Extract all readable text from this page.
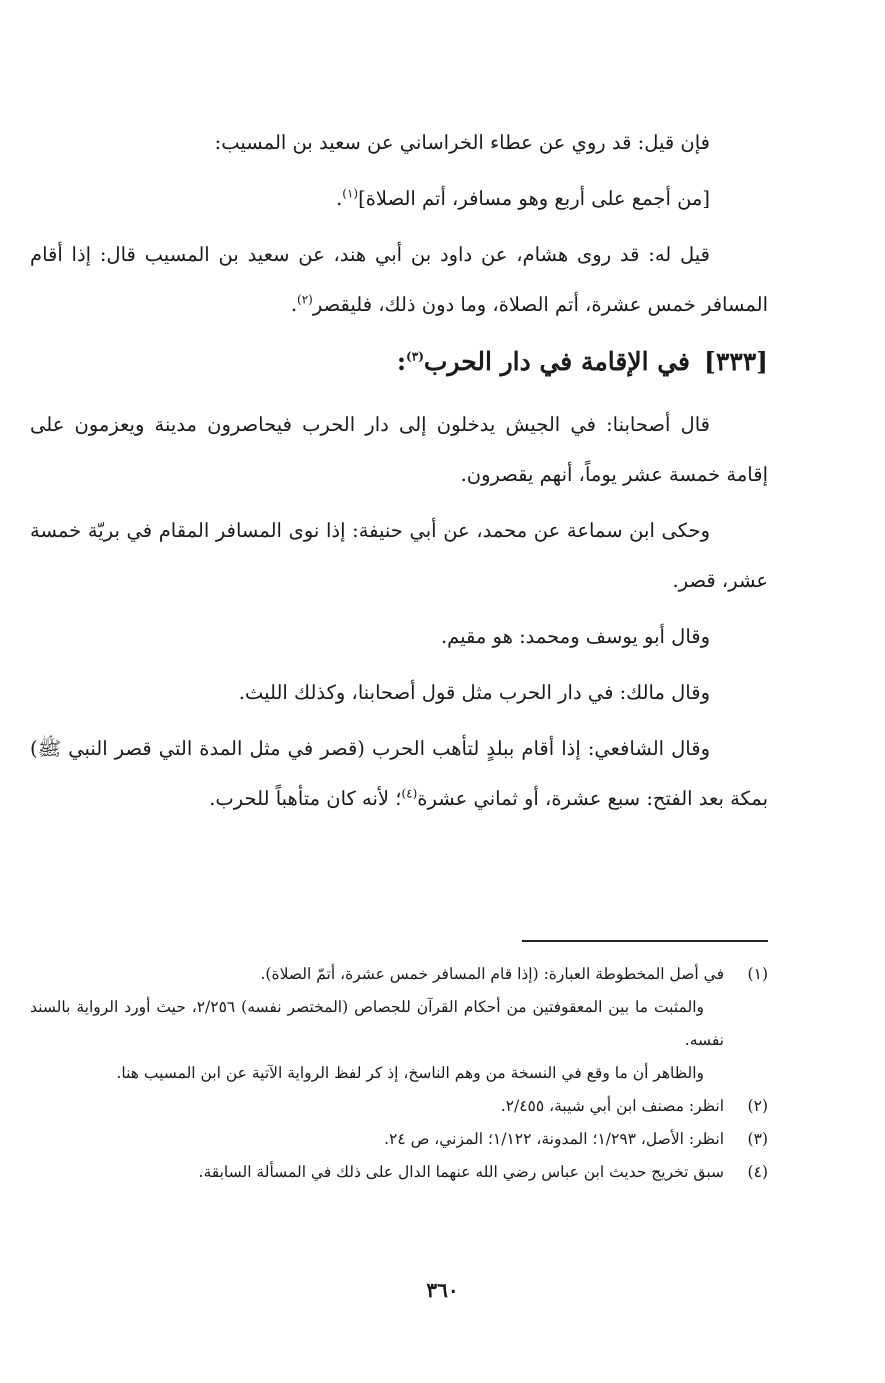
فإن قيل: قد روي عن عطاء الخراساني عن سعيد بن المسيب:

[من أجمع على أربع وهو مسافر، أتم الصلاة]$^{(١)}$.

قيل له: قد روى هشام، عن داود بن أبي هند، عن سعيد بن المسيب قال: إذا أقام المسافر خمس عشرة، أتم الصلاة، وما دون ذلك، فليقصر$^{(٢)}$.

[٣٣٣]في الإقامة في دار الحرب$^{(٣)}$:

قال أصحابنا: في الجيش يدخلون إلى دار الحرب فيحاصرون مدينة ويعزمون على إقامة خمسة عشر يوماً، أنهم يقصرون.

وحكى ابن سماعة عن محمد، عن أبي حنيفة: إذا نوى المسافر المقام في بريّة خمسة عشر، قصر.

وقال أبو يوسف ومحمد: هو مقيم.

وقال مالك: في دار الحرب مثل قول أصحابنا، وكذلك الليث.

وقال الشافعي: إذا أقام ببلدٍ لتأهب الحرب (قصر في مثل المدة التي قصر النبي ﷺ) بمكة بعد الفتح: سبع عشرة، أو ثماني عشرة$^{(٤)}$؛ لأنه كان متأهباً للحرب.

(١)
في أصل المخطوطة العبارة: (إذا قام المسافر خمس عشرة، أتمّ الصلاة).
والمثبت ما بين المعقوفتين من أحكام القرآن للجصاص (المختصر نفسه) ٢/٢٥٦، حيث أورد الرواية بالسند نفسه.
والظاهر أن ما وقع في النسخة من وهم الناسخ، إذ كر لفظ الرواية الآتية عن ابن المسيب هنا.
(٢)
انظر: مصنف ابن أبي شيبة، ٢/٤٥٥.
(٣)
انظر: الأصل، ١/٢٩٣؛ المدونة، ١/١٢٢؛ المزني، ص ٢٤.
(٤)
سبق تخريج حديث ابن عباس رضي الله عنهما الدال على ذلك في المسألة السابقة.
٣٦٠
